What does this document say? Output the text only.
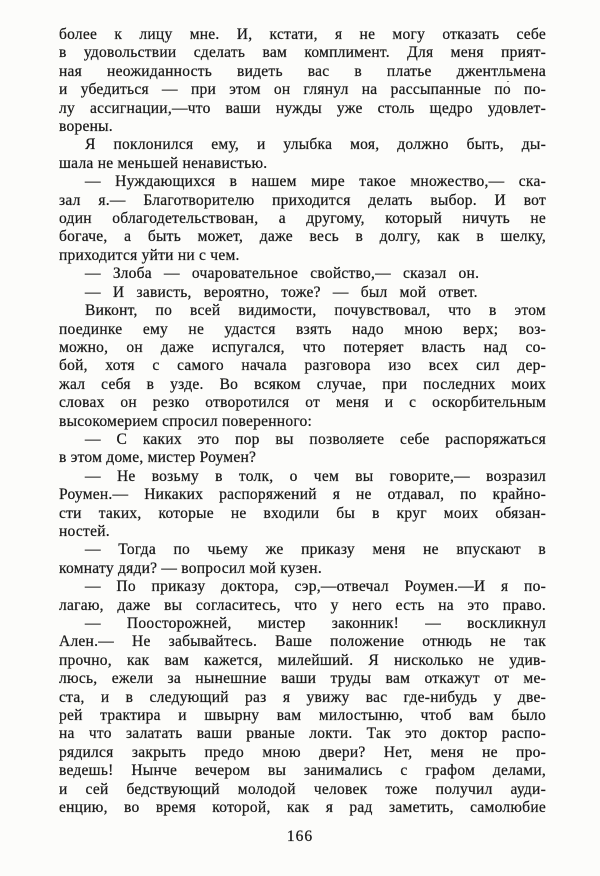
более к лицу мне. И, кстати, я не могу отказать себе
в удовольствии сделать вам комплимент. Для меня прият-
ная неожиданность видеть вас в платье джентльмена
и убедиться — при этом он глянул на рассыпанные по́ по-
лу ассигнации,—что ваши нужды уже столь щедро удовлет-
ворены.
Я поклонился ему, и улыбка моя, должно быть, ды-
шала не меньшей ненавистью.
— Нуждающихся в нашем мире такое множество,— ска-
зал я.— Благотворителю приходится делать выбор. И вот
один облагодетельствован, а другому, который ничуть не
богаче, а быть может, даже весь в долгу, как в шелку,
приходится уйти ни с чем.
— Злоба — очаровательное свойство,— сказал он.
— И зависть, вероятно, тоже? — был мой ответ.
Виконт, по всей видимости, почувствовал, что в этом
поединке ему не удастся взять надо мною верх; воз-
можно, он даже испугался, что потеряет власть над со-
бой, хотя с самого начала разговора изо всех сил дер-
жал себя в узде. Во всяком случае, при последних моих
словах он резко отворотился от меня и с оскорбительным
высокомерием спросил поверенного:
— С каких это пор вы позволяете себе распоряжаться
в этом доме, мистер Роумен?
— Не возьму в толк, о чем вы говорите,— возразил
Роумен.— Никаких распоряжений я не отдавал, по крайно-
сти таких, которые не входили бы в круг моих обязан-
ностей.
— Тогда по чьему же приказу меня не впускают в
комнату дяди? — вопросил мой кузен.
— По приказу доктора, сэр,—отвечал Роумен.—И я по-
лагаю, даже вы согласитесь, что у него есть на это право.
— Поосторожней, мистер законник! — воскликнул
Ален.— Не забывайтесь. Ваше положение отнюдь не так
прочно, как вам кажется, милейший. Я нисколько не удив-
люсь, ежели за нынешние ваши труды вам откажут от ме-
ста, и в следующий раз я увижу вас где-нибудь у две-
рей трактира и швырну вам милостыню, чтоб вам было
на что залатать ваши рваные локти. Так это доктор распо-
рядился закрыть предо мною двери? Нет, меня не про-
ведешь! Нынче вечером вы занимались с графом делами,
и сей бедствующий молодой человек тоже получил ауди-
енцию, во время которой, как я рад заметить, самолюбие
166
